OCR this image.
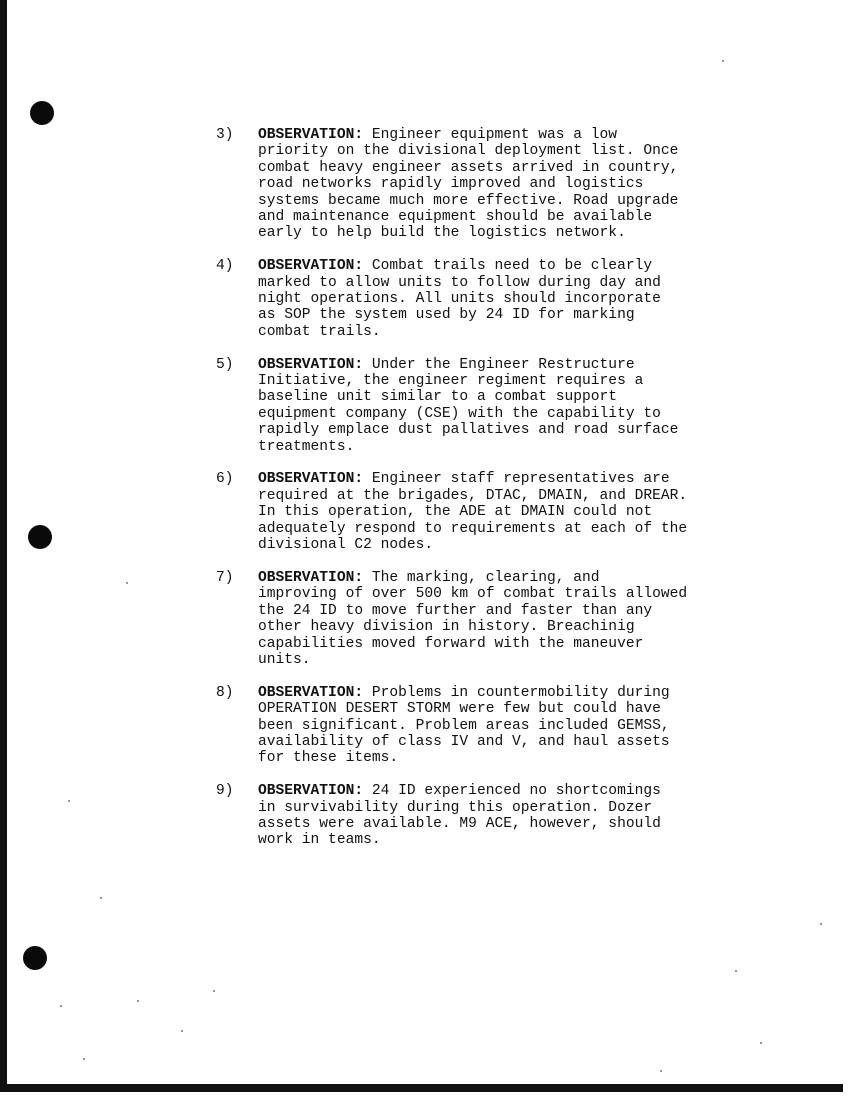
3) OBSERVATION: Engineer equipment was a low
priority on the divisional deployment list. Once
combat heavy engineer assets arrived in country,
road networks rapidly improved and logistics
systems became much more effective. Road upgrade
and maintenance equipment should be available
early to help build the logistics network.
4) OBSERVATION: Combat trails need to be clearly
marked to allow units to follow during day and
night operations. All units should incorporate
as SOP the system used by 24 ID for marking
combat trails.
5) OBSERVATION: Under the Engineer Restructure
Initiative, the engineer regiment requires a
baseline unit similar to a combat support
equipment company (CSE) with the capability to
rapidly emplace dust pallatives and road surface
treatments.
6) OBSERVATION: Engineer staff representatives are
required at the brigades, DTAC, DMAIN, and DREAR.
In this operation, the ADE at DMAIN could not
adequately respond to requirements at each of the
divisional C2 nodes.
7) OBSERVATION: The marking, clearing, and
improving of over 500 km of combat trails allowed
the 24 ID to move further and faster than any
other heavy division in history. Breachinig
capabilities moved forward with the maneuver
units.
8) OBSERVATION: Problems in countermobility during
OPERATION DESERT STORM were few but could have
been significant. Problem areas included GEMSS,
availability of class IV and V, and haul assets
for these items.
9) OBSERVATION: 24 ID experienced no shortcomings
in survivability during this operation. Dozer
assets were available. M9 ACE, however, should
work in teams.
